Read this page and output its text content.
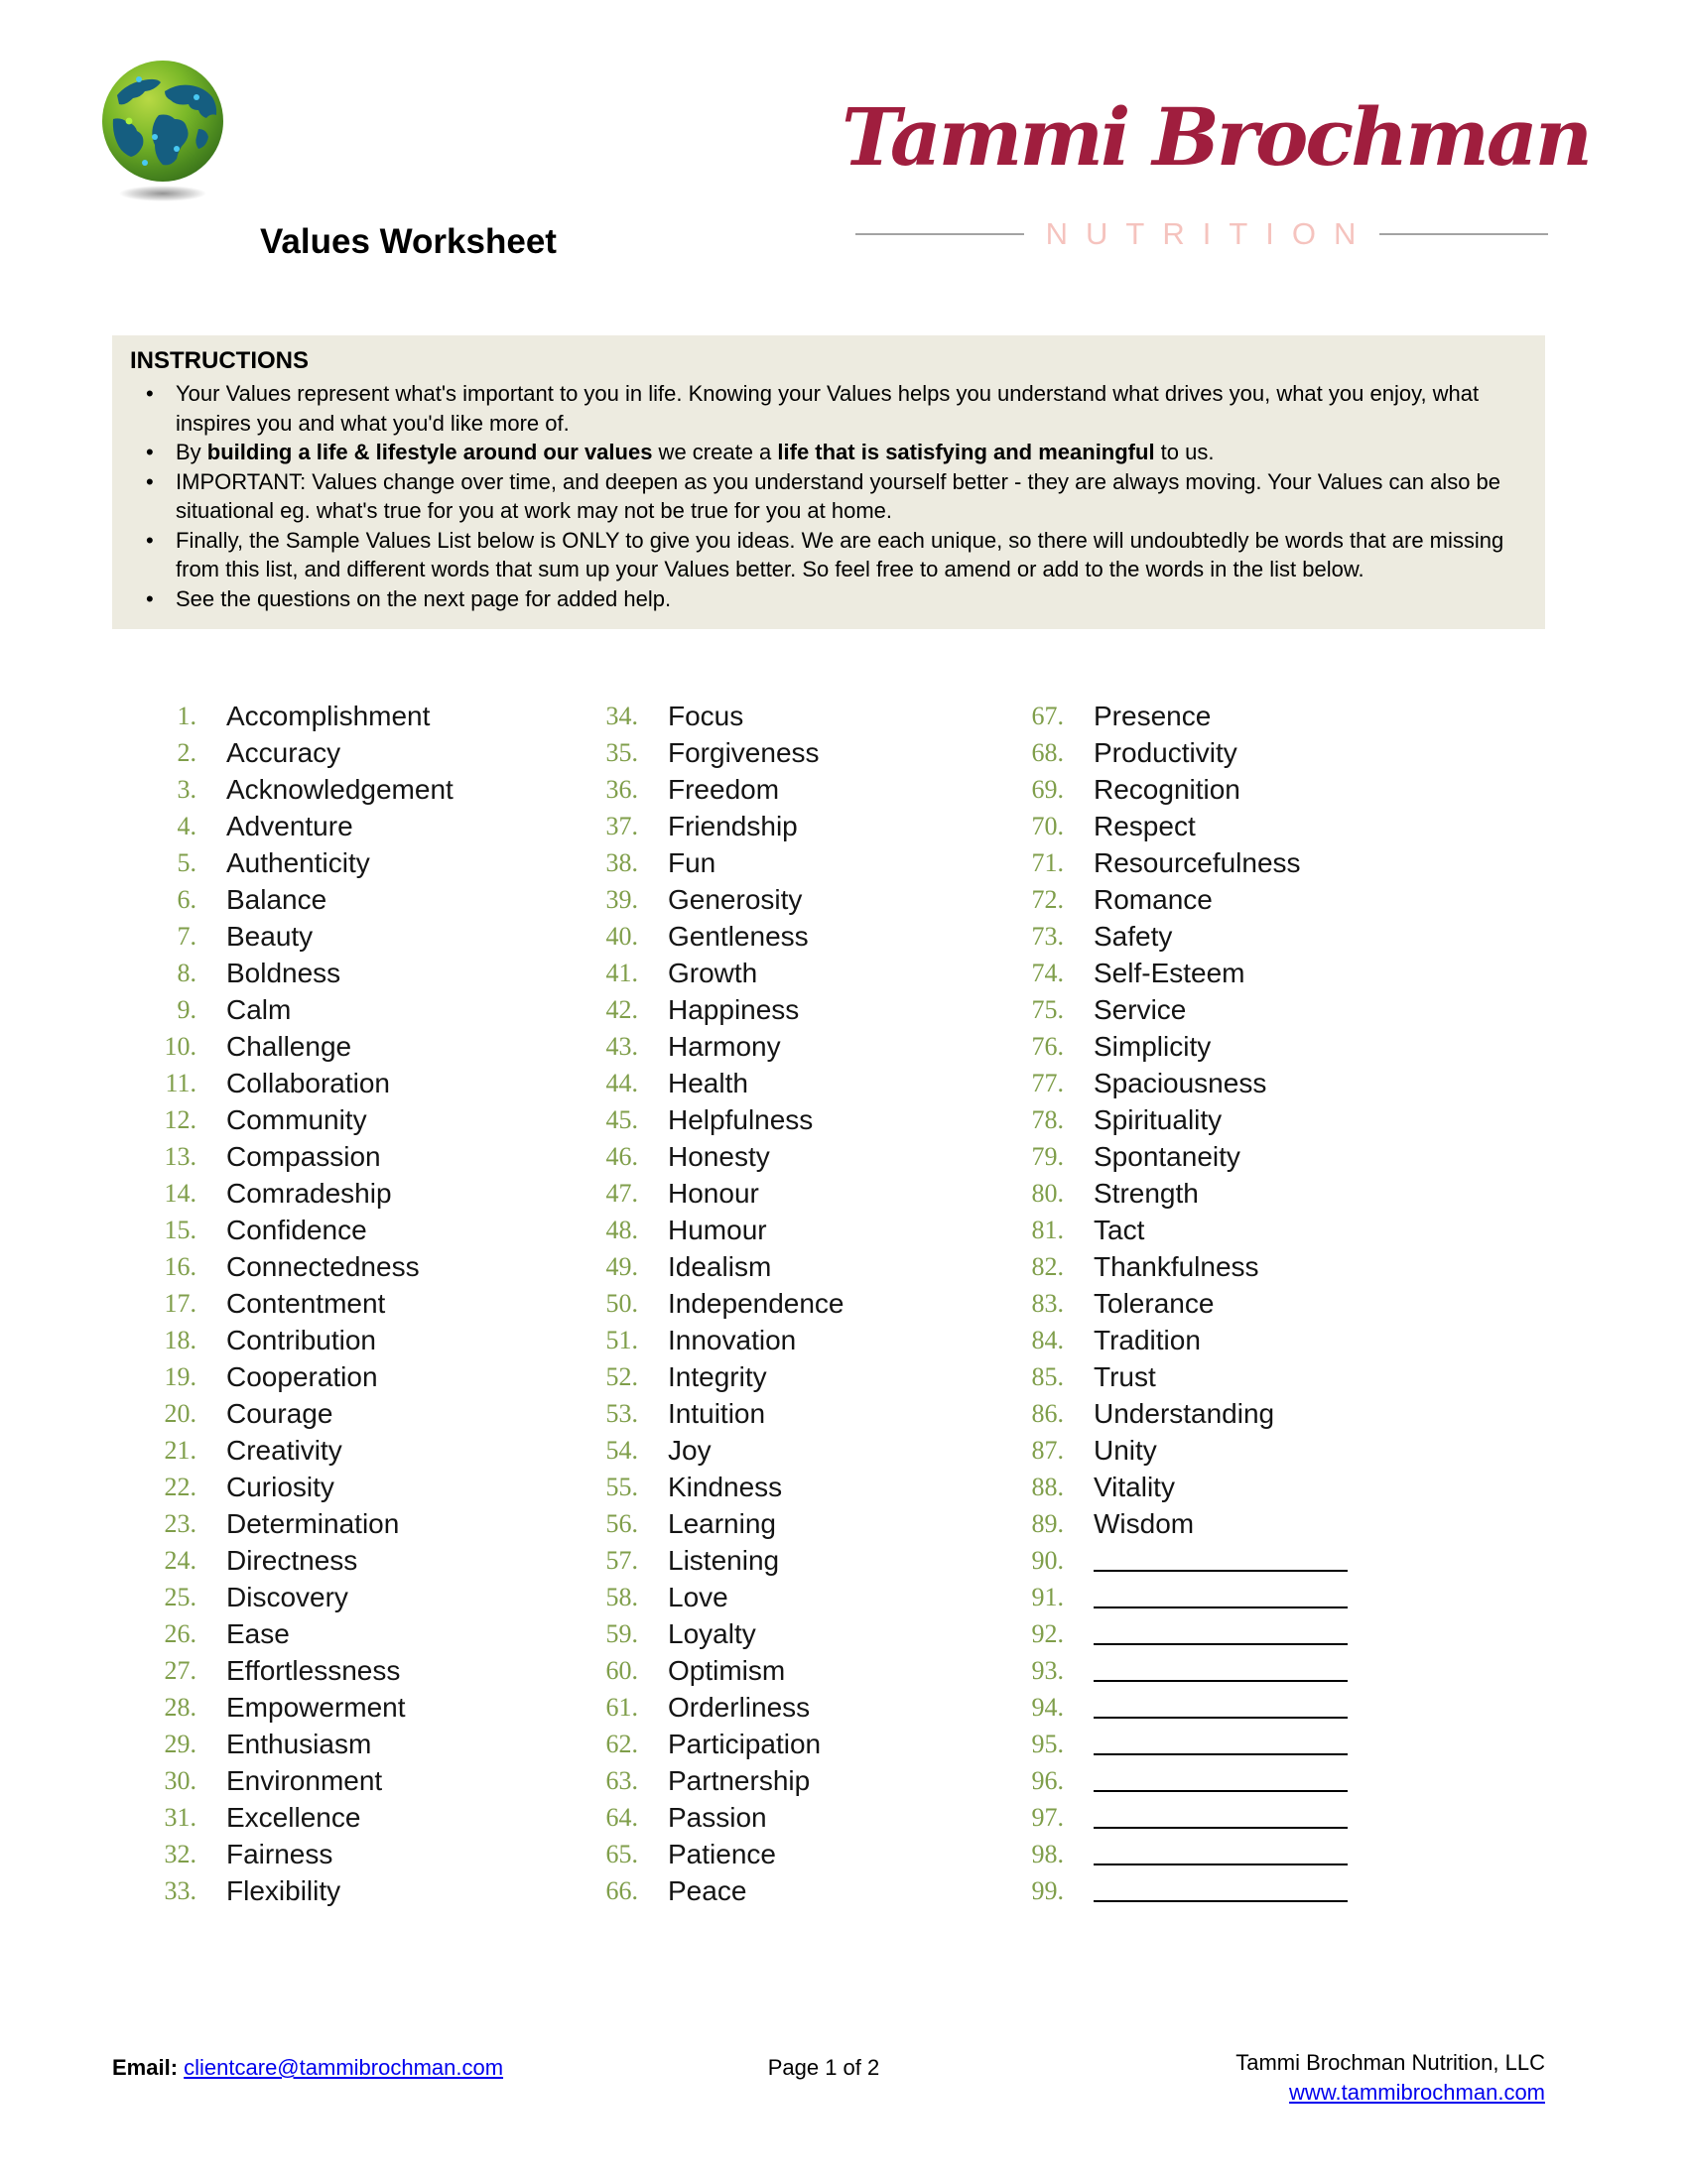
Values Worksheet
Tammi Brochman
NUTRITION
INSTRUCTIONS
• Your Values represent what's important to you in life. Knowing your Values helps you understand what drives you, what you enjoy, what inspires you and what you'd like more of.
• By building a life & lifestyle around our values we create a life that is satisfying and meaningful to us.
• IMPORTANT: Values change over time, and deepen as you understand yourself better - they are always moving. Your Values can also be situational eg. what's true for you at work may not be true for you at home.
• Finally, the Sample Values List below is ONLY to give you ideas. We are each unique, so there will undoubtedly be words that are missing from this list, and different words that sum up your Values better. So feel free to amend or add to the words in the list below.
• See the questions on the next page for added help.
1. Accomplishment
2. Accuracy
3. Acknowledgement
4. Adventure
5. Authenticity
6. Balance
7. Beauty
8. Boldness
9. Calm
10. Challenge
11. Collaboration
12. Community
13. Compassion
14. Comradeship
15. Confidence
16. Connectedness
17. Contentment
18. Contribution
19. Cooperation
20. Courage
21. Creativity
22. Curiosity
23. Determination
24. Directness
25. Discovery
26. Ease
27. Effortlessness
28. Empowerment
29. Enthusiasm
30. Environment
31. Excellence
32. Fairness
33. Flexibility
34. Focus
35. Forgiveness
36. Freedom
37. Friendship
38. Fun
39. Generosity
40. Gentleness
41. Growth
42. Happiness
43. Harmony
44. Health
45. Helpfulness
46. Honesty
47. Honour
48. Humour
49. Idealism
50. Independence
51. Innovation
52. Integrity
53. Intuition
54. Joy
55. Kindness
56. Learning
57. Listening
58. Love
59. Loyalty
60. Optimism
61. Orderliness
62. Participation
63. Partnership
64. Passion
65. Patience
66. Peace
67. Presence
68. Productivity
69. Recognition
70. Respect
71. Resourcefulness
72. Romance
73. Safety
74. Self-Esteem
75. Service
76. Simplicity
77. Spaciousness
78. Spirituality
79. Spontaneity
80. Strength
81. Tact
82. Thankfulness
83. Tolerance
84. Tradition
85. Trust
86. Understanding
87. Unity
88. Vitality
89. Wisdom
90.
91.
92.
93.
94.
95.
96.
97.
98.
99.
Email: clientcare@tammibrochman.com	Page 1 of 2	Tammi Brochman Nutrition, LLC
www.tammibrochman.com
